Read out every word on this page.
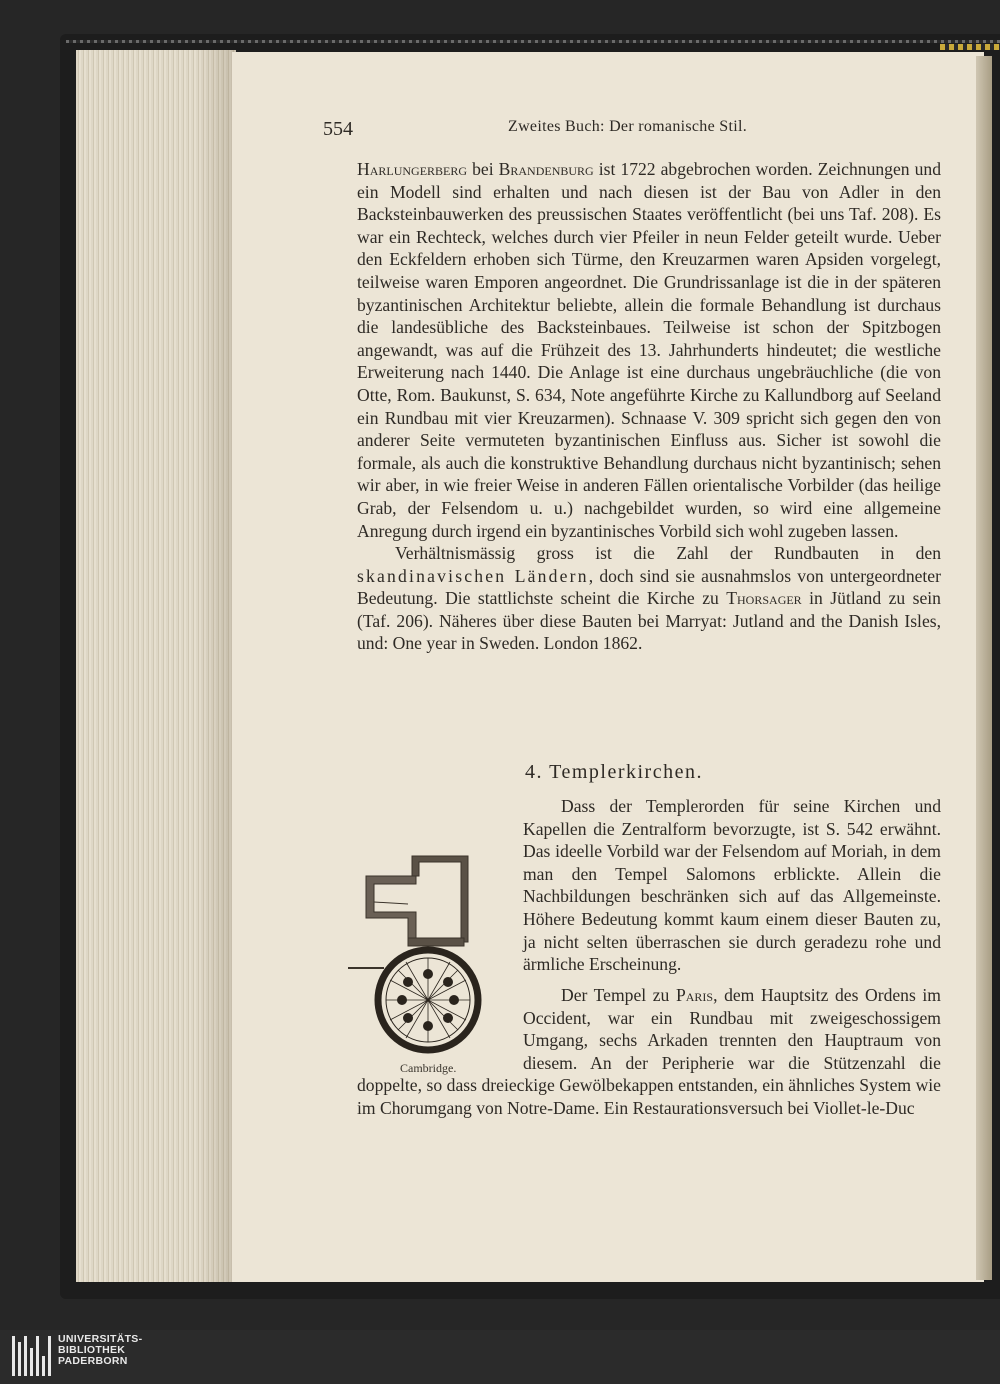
554	Zweites Buch: Der romanische Stil.

Harlungerberg bei Brandenburg ist 1722 abgebrochen worden. Zeichnungen und ein Modell sind erhalten und nach diesen ist der Bau von Adler in den Backsteinbauwerken des preussischen Staates veröffentlicht (bei uns Taf. 208). Es war ein Rechteck, welches durch vier Pfeiler in neun Felder geteilt wurde. Ueber den Eckfeldern erhoben sich Türme, den Kreuzarmen waren Apsiden vorgelegt, teilweise waren Emporen angeordnet. Die Grundrissanlage ist die in der späteren byzantinischen Architektur beliebte, allein die formale Behandlung ist durchaus die landesübliche des Backsteinbaues. Teilweise ist schon der Spitzbogen angewandt, was auf die Frühzeit des 13. Jahrhunderts hindeutet; die westliche Erweiterung nach 1440. Die Anlage ist eine durchaus ungebräuchliche (die von Otte, Rom. Baukunst, S. 634, Note angeführte Kirche zu Kallundborg auf Seeland ein Rundbau mit vier Kreuzarmen). Schnaase V. 309 spricht sich gegen den von anderer Seite vermuteten byzantinischen Einfluss aus. Sicher ist sowohl die formale, als auch die konstruktive Behandlung durchaus nicht byzantinisch; sehen wir aber, in wie freier Weise in anderen Fällen orientalische Vorbilder (das heilige Grab, der Felsendom u. u.) nachgebildet wurden, so wird eine allgemeine Anregung durch irgend ein byzantinisches Vorbild sich wohl zugeben lassen.

Verhältnismässig gross ist die Zahl der Rundbauten in den skandinavischen Ländern, doch sind sie ausnahmslos von untergeordneter Bedeutung. Die stattlichste scheint die Kirche zu Thorsager in Jütland zu sein (Taf. 206). Näheres über diese Bauten bei Marryat: Jutland and the Danish Isles, und: One year in Sweden. London 1862.

4. Templerkirchen.

Dass der Templerorden für seine Kirchen und Kapellen die Zentralform bevorzugte, ist S. 542 erwähnt. Das ideelle Vorbild war der Felsendom auf Moriah, in dem man den Tempel Salomons erblickte. Allein die Nachbildungen beschränken sich auf das Allgemeinste. Höhere Bedeutung kommt kaum einem dieser Bauten zu, ja nicht selten überraschen sie durch geradezu rohe und ärmliche Erscheinung.

Cambridge.

Der Tempel zu Paris, dem Hauptsitz des Ordens im Occident, war ein Rundbau mit zweigeschossigem Umgang, sechs Arkaden trennten den Hauptraum von diesem. An der Peripherie war die Stützenzahl die doppelte, so dass dreieckige Gewölbekappen entstanden, ein ähnliches System wie im Chorumgang von Notre-Dame. Ein Restaurationsversuch bei Viollet-le-Duc

UNIVERSITÄTS-
BIBLIOTHEK
PADERBORN
